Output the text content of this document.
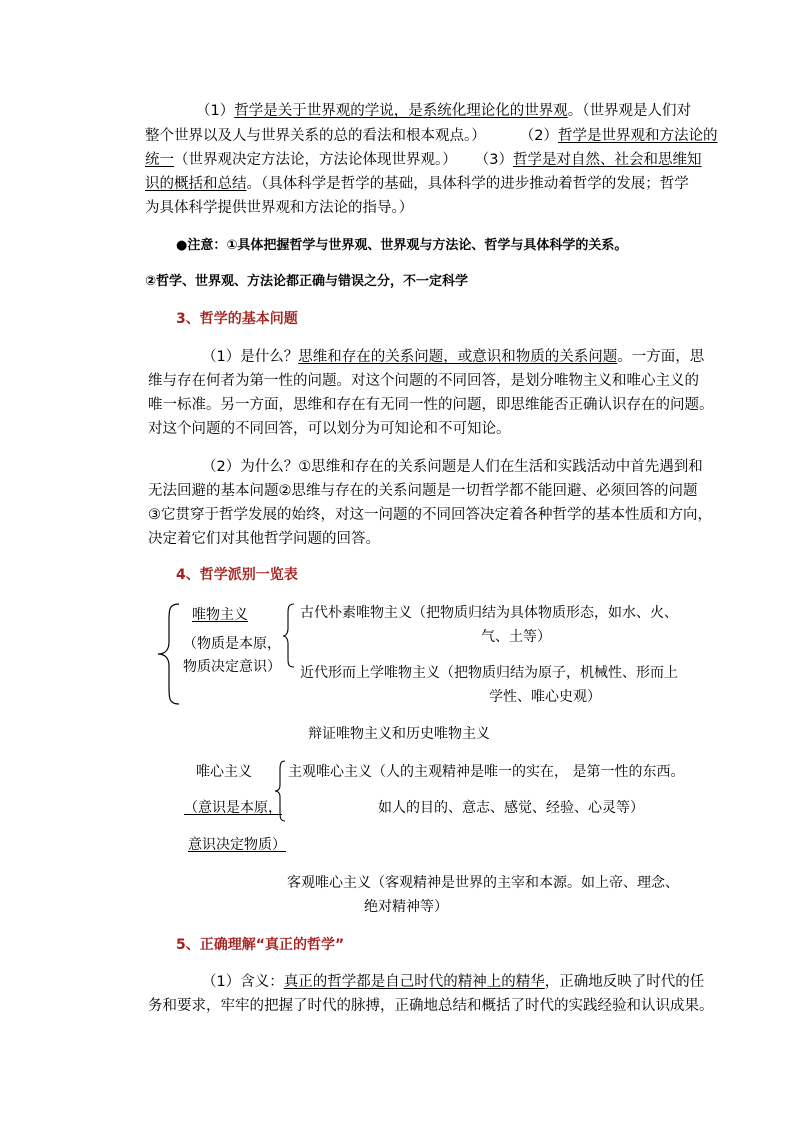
（1）哲学是关于世界观的学说，是系统化理论化的世界观。（世界观是人们对
整个世界以及人与世界关系的总的看法和根本观点。） （2）哲学是世界观和方法论的
统一（世界观决定方法论，方法论体现世界观。） （3）哲学是对自然、社会和思维知
识的概括和总结。（具体科学是哲学的基础，具体科学的进步推动着哲学的发展；哲学
为具体科学提供世界观和方法论的指导。）
●注意：①具体把握哲学与世界观、世界观与方法论、哲学与具体科学的关系。
②哲学、世界观、方法论都正确与错误之分，不一定科学
3、哲学的基本问题
（1）是什么？思维和存在的关系问题，或意识和物质的关系问题。一方面，思
维与存在何者为第一性的问题。对这个问题的不同回答，是划分唯物主义和唯心主义的
唯一标准。另一方面，思维和存在有无同一性的问题，即思维能否正确认识存在的问题。
对这个问题的不同回答，可以划分为可知论和不可知论。
（2）为什么？①思维和存在的关系问题是人们在生活和实践活动中首先遇到和
无法回避的基本问题②思维与存在的关系问题是一切哲学都不能回避、必须回答的问题
③它贯穿于哲学发展的始终，对这一问题的不同回答决定着各种哲学的基本性质和方向，
决定着它们对其他哲学问题的回答。
4、哲学派别一览表
唯物主义
（物质是本原，
物质决定意识）
古代朴素唯物主义（把物质归结为具体物质形态，如水、火、
气、土等）
近代形而上学唯物主义（把物质归结为原子，机械性、形而上
学性、唯心史观）
辩证唯物主义和历史唯物主义
唯心主义	主观唯心主义（人的主观精神是唯一的实在， 是第一性的东西。
如人的目的、意志、感觉、经验、心灵等）
（意识是本原，
意识决定物质）
客观唯心主义（客观精神是世界的主宰和本源。如上帝、理念、
绝对精神等）
5、正确理解“真正的哲学”
（1）含义：真正的哲学都是自己时代的精神上的精华，正确地反映了时代的任
务和要求，牢牢的把握了时代的脉搏，正确地总结和概括了时代的实践经验和认识成果。
